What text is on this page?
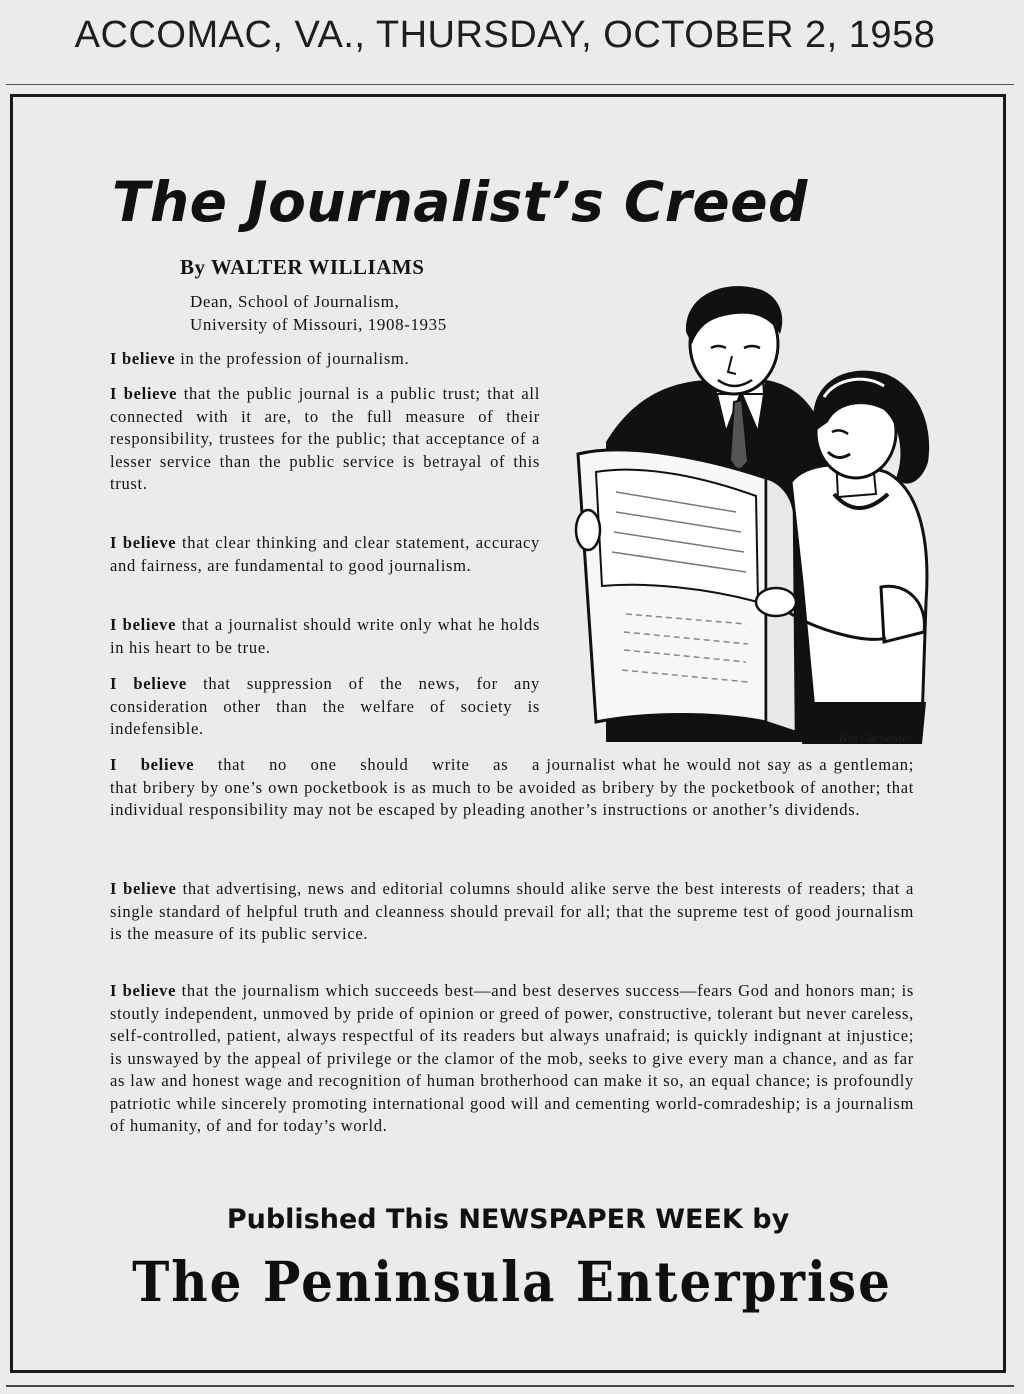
ACCOMAC, VA., THURSDAY, OCTOBER 2, 1958
The Journalist’s Creed
By WALTER WILLIAMS
Dean, School of Journalism,
University of Missouri, 1908-1935
I believe in the profession of journalism.
I believe that the public journal is a public trust; that all connected with it are, to the full measure of their responsibility, trustees for the public; that acceptance of a lesser service than the public service is betrayal of this trust.
I believe that clear thinking and clear statement, accuracy and fairness, are fundamental to good journalism.
I believe that a journalist should write only what he holds in his heart to be true.
I believe that suppression of the news, for any consideration other than the welfare of society is indefensible.
I believe that no one should write as a journalist what he would not say as a gentleman; that bribery by one’s own pocketbook is as much to be avoided as bribery by the pocketbook of another; that individual responsibility may not be escaped by pleading another’s instructions or another’s dividends.
I believe that advertising, news and editorial columns should alike serve the best interests of readers; that a single standard of helpful truth and cleanness should prevail for all; that the supreme test of good journalism is the measure of its public service.
I believe that the journalism which succeeds best—and best deserves success—fears God and honors man; is stoutly independent, unmoved by pride of opinion or greed of power, constructive, tolerant but never careless, self-controlled, patient, always respectful of its readers but always unafraid; is quickly indignant at injustice; is unswayed by the appeal of privilege or the clamor of the mob, seeks to give every man a chance, and as far as law and honest wage and recognition of human brotherhood can make it so, an equal chance; is profoundly patriotic while sincerely promoting international good will and cementing world-comradeship; is a journalism of humanity, of and for today’s world.
Wm Carpenter
Published This NEWSPAPER WEEK by
The Peninsula Enterprise
